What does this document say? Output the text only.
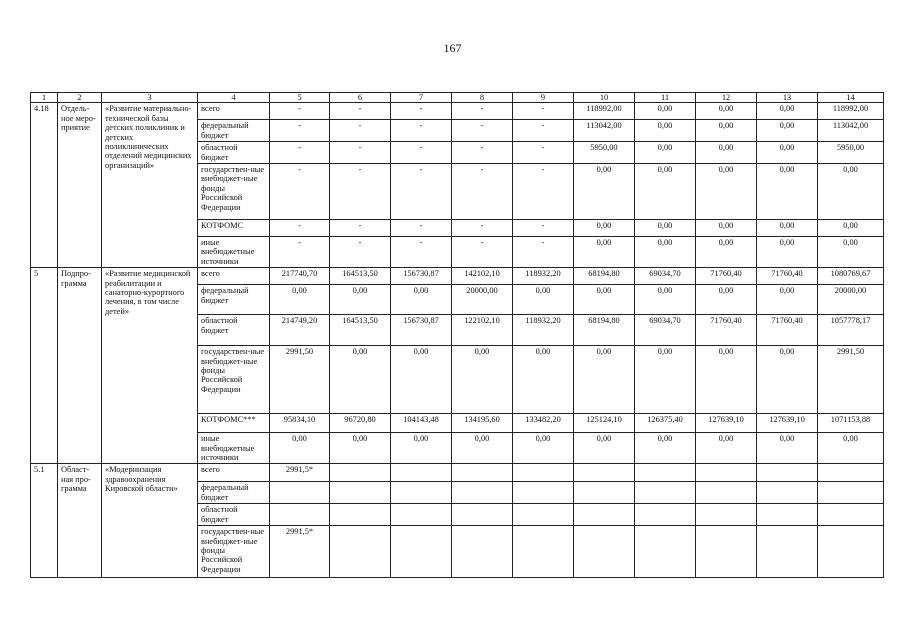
167
1	2	3	4	5	6	7	8	9	10	11	12	13	14
4.18	Отдель-ное меро-приятие	«Развитие материально-технической базы детских поликлиник и детских поликлинических отделений медицинских организаций»	всего	-	-	-	-	-	118992,00	0,00	0,00	0,00	118992,00
			федеральный бюджет	-	-	-	-	-	113042,00	0,00	0,00	0,00	113042,00
			областной бюджет	-	-	-	-	-	5950,00	0,00	0,00	0,00	5950,00
			государствен-ные внебюджет-ные фонды Российской Федерации	-	-	-	-	-	0,00	0,00	0,00	0,00	0,00
			КОТФОМС	-	-	-	-	-	0,00	0,00	0,00	0,00	0,00
			иные внебюджетные источники	-	-	-	-	-	0,00	0,00	0,00	0,00	0,00
5	Подпро-грамма	«Развитие медицинской реабилитации и санаторно-курортного лечения, в том числе детей»	всего	217740,70	164513,50	156730,87	142102,10	118932,20	68194,80	69034,70	71760,40	71760,40	1080769,67
			федеральный бюджет	0,00	0,00	0,00	20000,00	0,00	0,00	0,00	0,00	0,00	20000,00
			областной бюджет	214749,20	164513,50	156730,87	122102,10	118932,20	68194,80	69034,70	71760,40	71760,40	1057778,17
			государствен-ные внебюджет-ные фонды Российской Федерации	2991,50	0,00	0,00	0,00	0,00	0,00	0,00	0,00	0,00	2991,50
			КОТФОМС***	95834,10	96720,80	104143,48	134195,60	133482,20	125124,10	126375,40	127639,10	127639,10	1071153,88
			иные внебюджетные источники	0,00	0,00	0,00	0,00	0,00	0,00	0,00	0,00	0,00	0,00
5.1	Облаcт-ная про-грамма	«Модернизация здравоохранения Кировской области»	всего	2991,5*									
			федеральный бюджет										
			областной бюджет										
			государствен-ные внебюджет-ные фонды Российской Федерации	2991,5*									
